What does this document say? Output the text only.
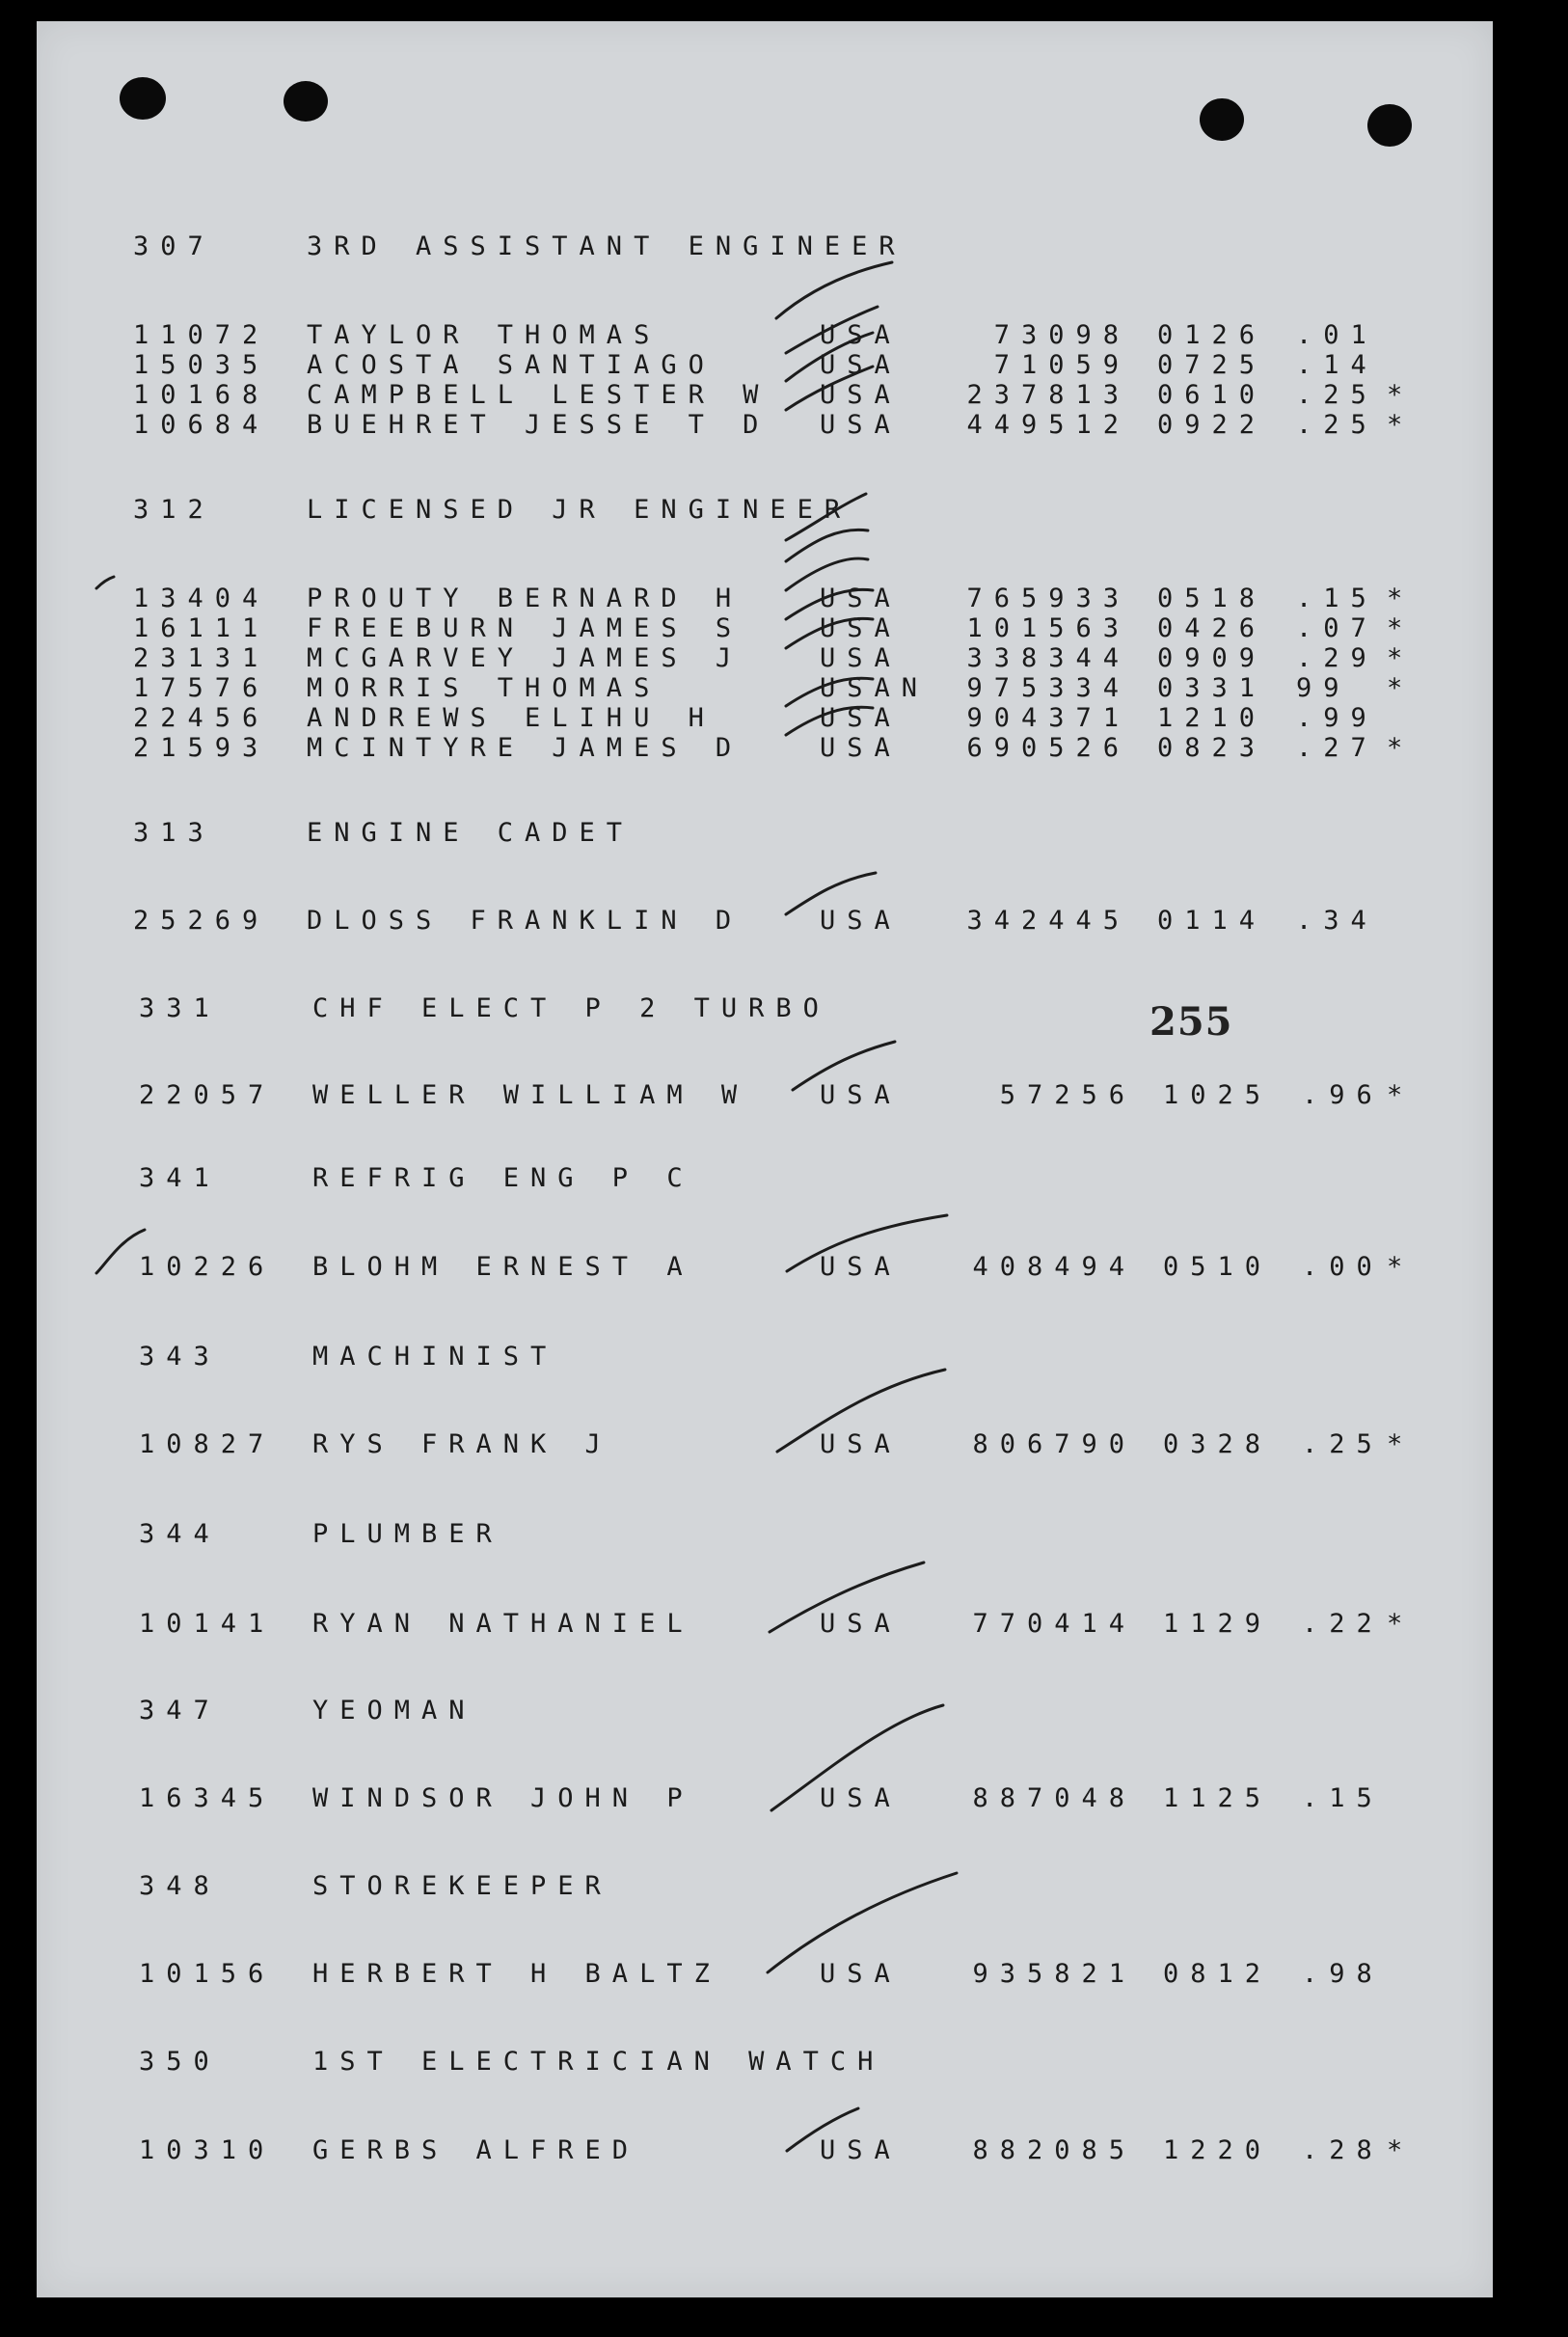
307	3RD ASSISTANT ENGINEER
11072 TAYLOR THOMAS	USA	73098 0126 .01
15035 ACOSTA SANTIAGO	USA	71059 0725 .14
10168 CAMPBELL LESTER W USA	237813 0610 .25 *
10684 BUEHRET JESSE T D USA	449512 0922 .25 *
312	LICENSED JR ENGINEER
13404 PROUTY BERNARD H	USA	765933 0518 .15 *
16111 FREEBURN JAMES S	USA	101563 0426 .07 *
23131 MCGARVEY JAMES J	USA	338344 0909 .29 *
17576 MORRIS THOMAS	USAN 975334 0331 99 *
22456 ANDREWS ELIHU H	USA	904371 1210 .99
21593 MCINTYRE JAMES D	USA	690526 0823 .27 *
313	ENGINE CADET
25269 DLOSS FRANKLIN D	USA	342445 0114 .34
331	CHF ELECT P 2 TURBO
22057 WELLER WILLIAM W	USA	57256 1025 .96 *
341	REFRIG ENG P C
10226 BLOHM ERNEST A	USA	408494 0510 .00 *
343	MACHINIST
10827 RYS FRANK J	USA	806790 0328 .25 *
344	PLUMBER
10141 RYAN NATHANIEL	USA	770414 1129 .22 *
347	YEOMAN
16345 WINDSOR JOHN P	USA	887048 1125 .15
348	STOREKEEPER
10156 HERBERT H BALTZ	USA	935821 0812 .98
350	1ST ELECTRICIAN WATCH
10310 GERBS ALFRED	USA	882085 1220 .28 *
255
